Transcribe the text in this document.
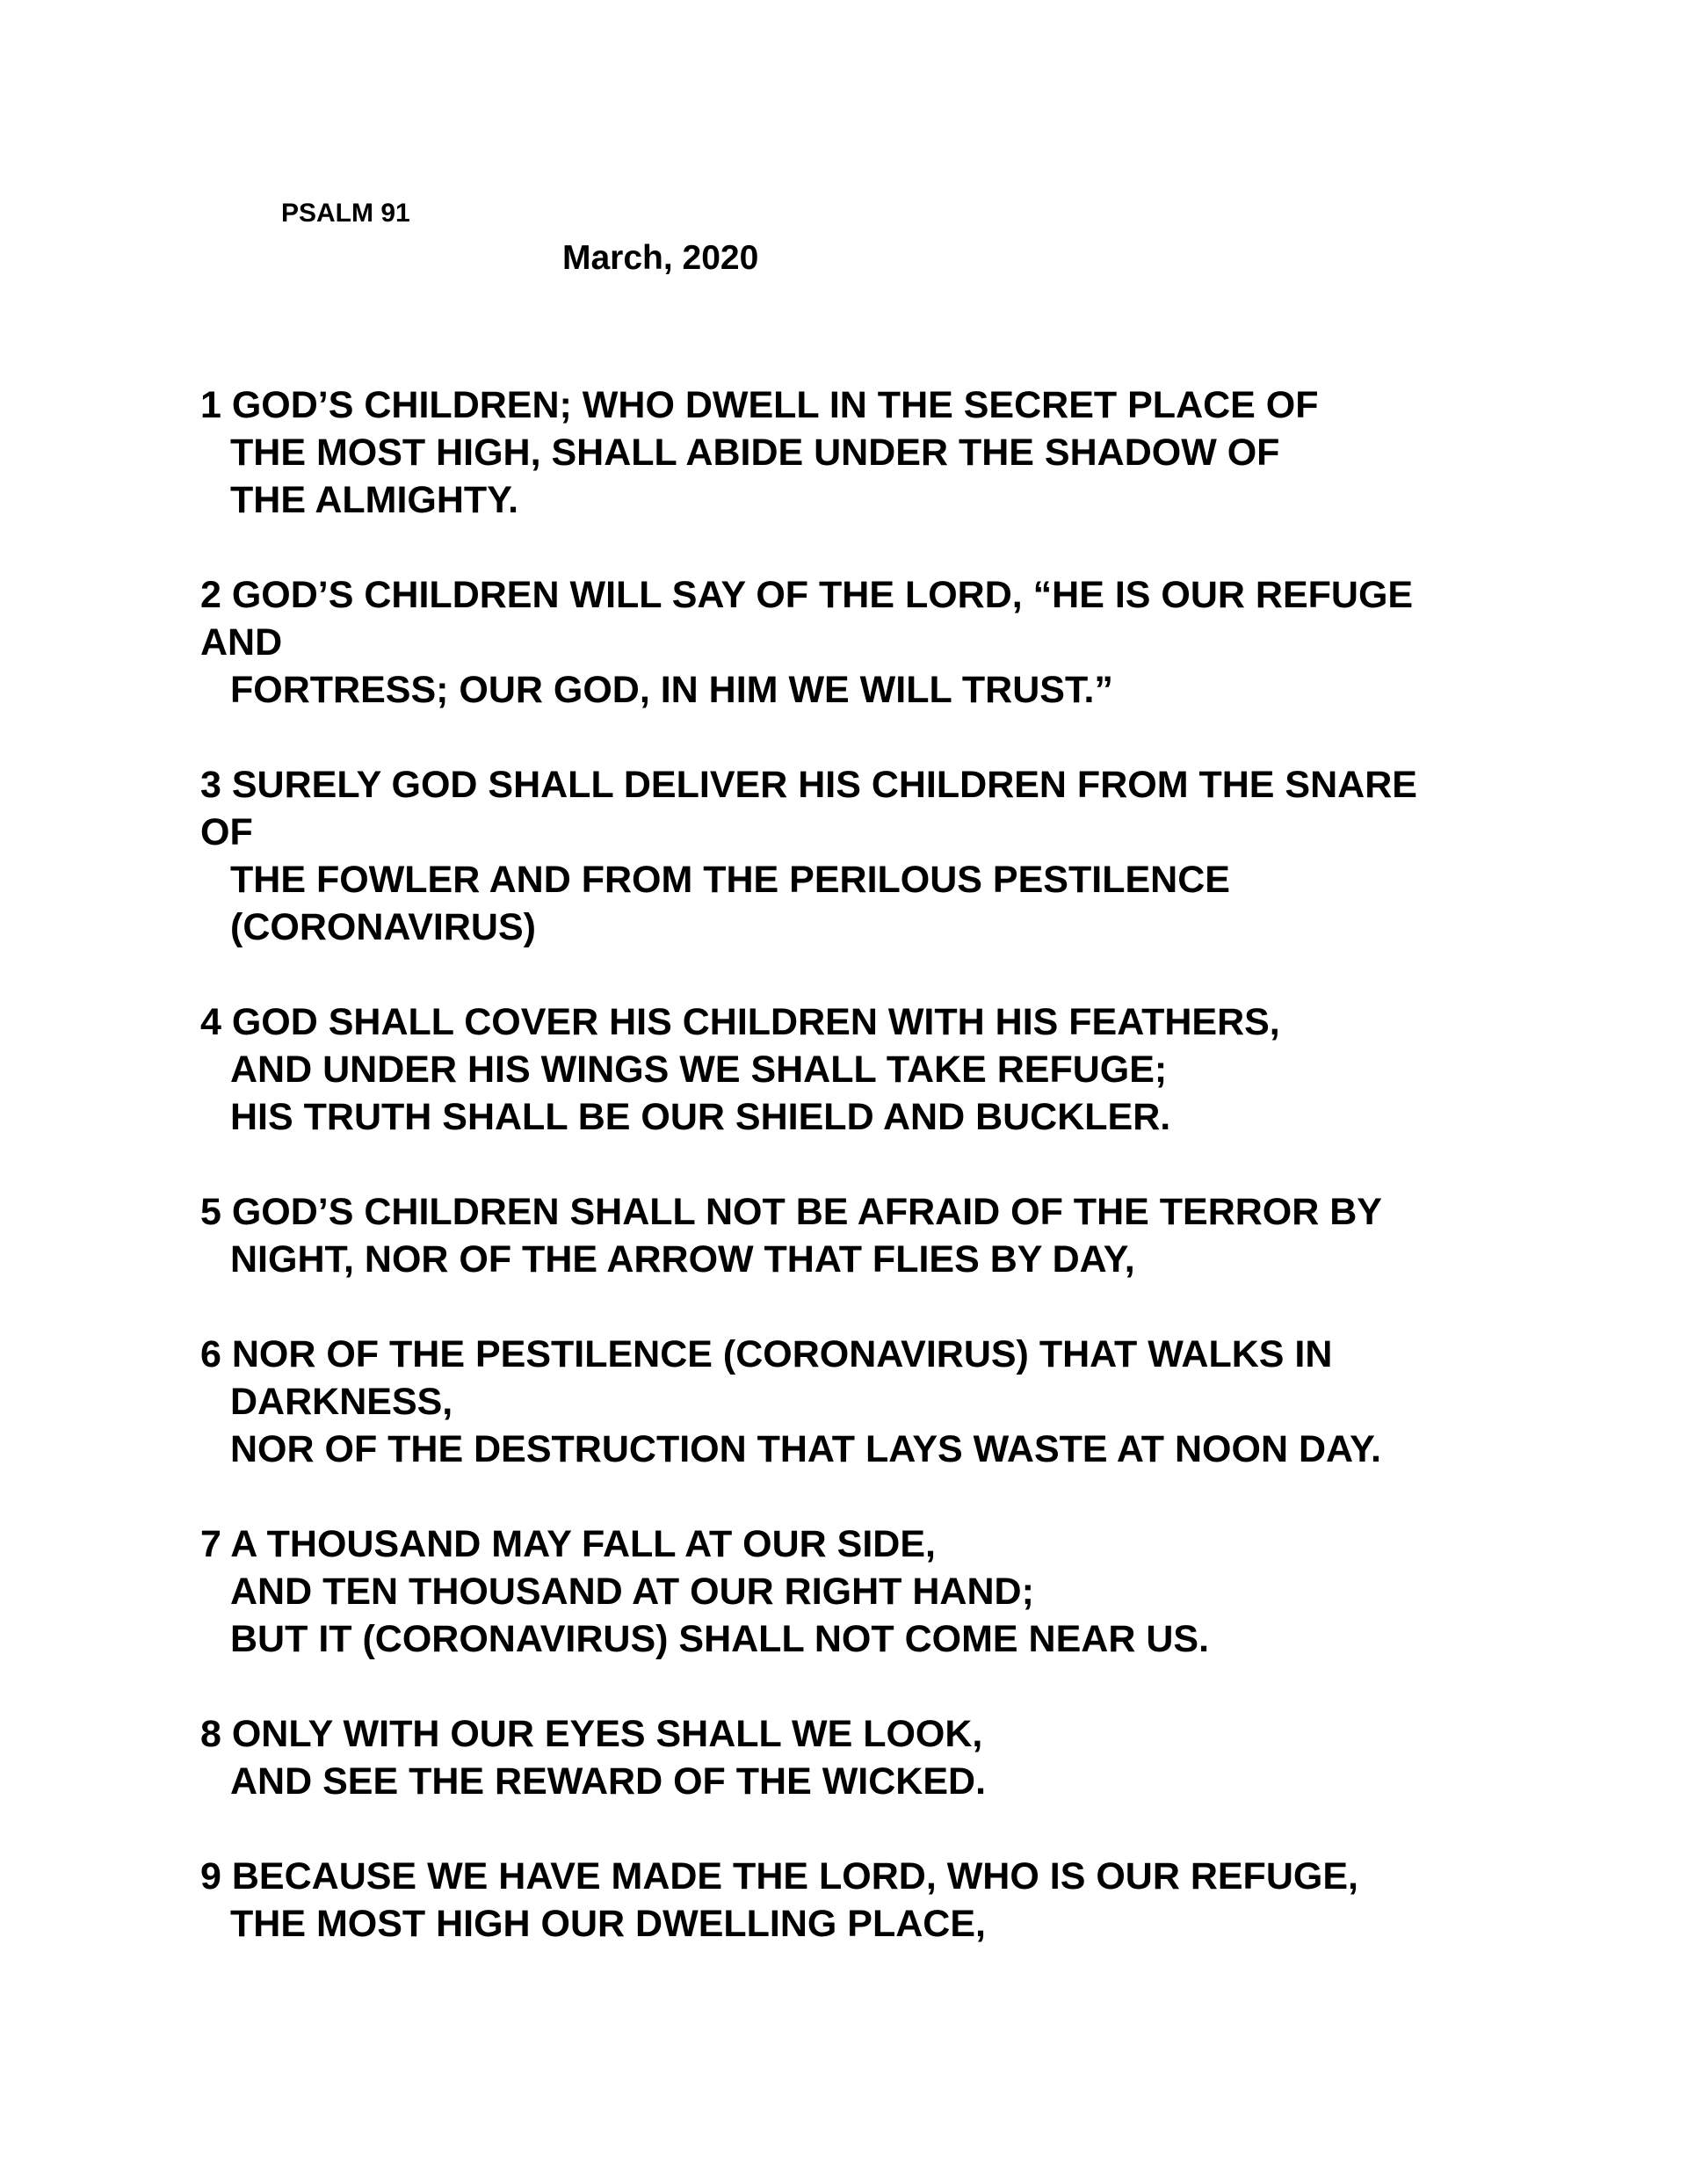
PSALM 91
March, 2020
1 GOD’S CHILDREN; WHO DWELL IN THE SECRET PLACE OF
THE MOST HIGH, SHALL ABIDE UNDER THE SHADOW OF
THE ALMIGHTY.
2 GOD’S CHILDREN WILL SAY OF THE LORD, “HE IS OUR REFUGE
AND
FORTRESS; OUR GOD, IN HIM WE WILL TRUST.”
3 SURELY GOD SHALL DELIVER HIS CHILDREN FROM THE SNARE
OF
THE FOWLER AND FROM THE PERILOUS PESTILENCE
(CORONAVIRUS)
4 GOD SHALL COVER HIS CHILDREN WITH HIS FEATHERS,
AND UNDER HIS WINGS WE SHALL TAKE REFUGE;
HIS TRUTH SHALL BE OUR SHIELD AND BUCKLER.
5 GOD’S CHILDREN SHALL NOT BE AFRAID OF THE TERROR BY
NIGHT, NOR OF THE ARROW THAT FLIES BY DAY,
6 NOR OF THE PESTILENCE (CORONAVIRUS) THAT WALKS IN
DARKNESS,
NOR OF THE DESTRUCTION THAT LAYS WASTE AT NOON DAY.
7 A THOUSAND MAY FALL AT OUR SIDE,
AND TEN THOUSAND AT OUR RIGHT HAND;
BUT IT (CORONAVIRUS) SHALL NOT COME NEAR US.
8 ONLY WITH OUR EYES SHALL WE LOOK,
AND SEE THE REWARD OF THE WICKED.
9 BECAUSE WE HAVE MADE THE LORD, WHO IS OUR REFUGE,
THE MOST HIGH OUR DWELLING PLACE,
